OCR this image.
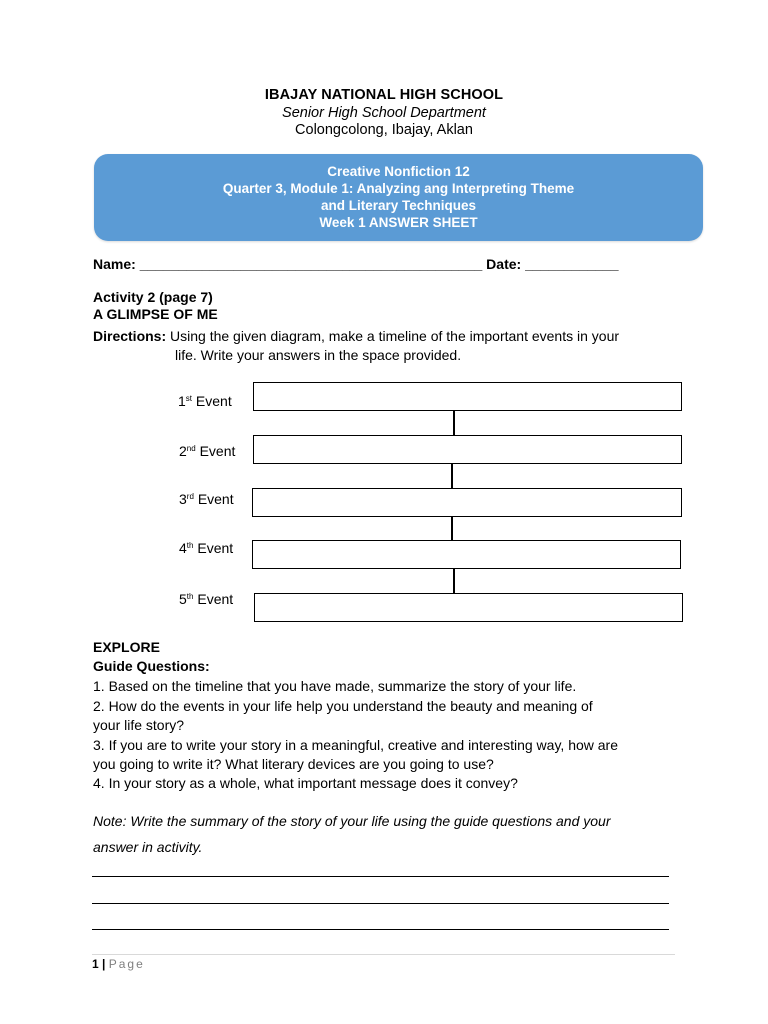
IBAJAY NATIONAL HIGH SCHOOL
Senior High School Department
Colongcolong, Ibajay, Aklan
Creative Nonfiction 12
Quarter 3, Module 1: Analyzing ang Interpreting Theme
and Literary Techniques
Week 1 ANSWER SHEET
Name: ____________________________________________ Date: ____________
Activity 2 (page 7)
A GLIMPSE OF ME
Directions: Using the given diagram, make a timeline of the important events in your
life. Write your answers in the space provided.
1st Event
2nd Event
3rd Event
4th Event
5th Event
EXPLORE
Guide Questions:
1. Based on the timeline that you have made, summarize the story of your life.
2. How do the events in your life help you understand the beauty and meaning of
your life story?
3. If you are to write your story in a meaningful, creative and interesting way, how are
you going to write it? What literary devices are you going to use?
4. In your story as a whole, what important message does it convey?
Note: Write the summary of the story of your life using the guide questions and your
answer in activity.
1 | Page
